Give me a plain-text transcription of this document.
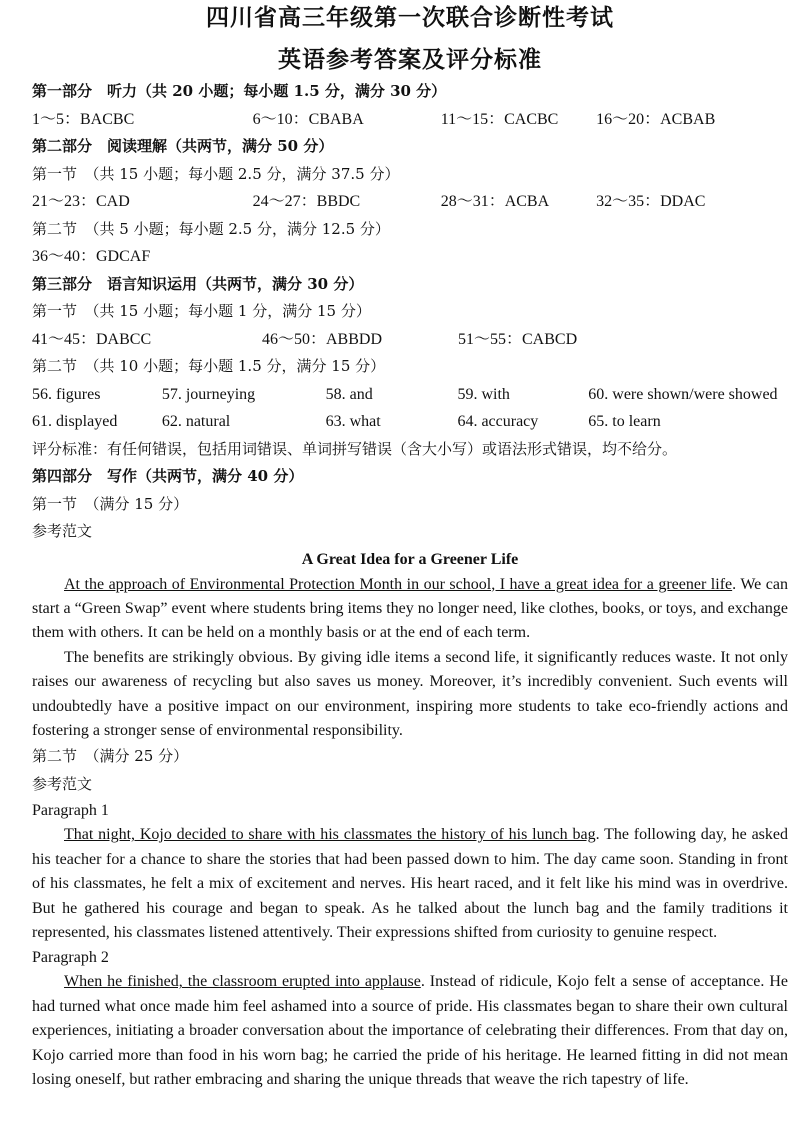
四川省高三年级第一次联合诊断性考试
英语参考答案及评分标准
第一部分　听力（共 20 小题；每小题 1.5 分，满分 30 分）
1～5：BACBC	6～10：CBABA	11～15：CACBC	16～20：ACBAB
第二部分　阅读理解（共两节，满分 50 分）
第一节　（共 15 小题；每小题 2.5 分，满分 37.5 分）
21～23：CAD	24～27：BBDC	28～31：ACBA	32～35：DDAC
第二节　（共 5 小题；每小题 2.5 分，满分 12.5 分）
36～40：GDCAF
第三部分　语言知识运用（共两节，满分 30 分）
第一节　（共 15 小题；每小题 1 分，满分 15 分）
41～45：DABCC	46～50：ABBDD	51～55：CABCD
第二节　（共 10 小题；每小题 1.5 分，满分 15 分）
56. figures	57. journeying	58. and	59. with	60. were shown/were showed
61. displayed	62. natural	63. what	64. accuracy	65. to learn
评分标准：有任何错误，包括用词错误、单词拼写错误（含大小写）或语法形式错误，均不给分。
第四部分　写作（共两节，满分 40 分）
第一节　（满分 15 分）
参考范文
A Great Idea for a Greener Life

At the approach of Environmental Protection Month in our school, I have a great idea for a greener life. We can start a “Green Swap” event where students bring items they no longer need, like clothes, books, or toys, and exchange them with others. It can be held on a monthly basis or at the end of each term.

The benefits are strikingly obvious. By giving idle items a second life, it significantly reduces waste. It not only raises our awareness of recycling but also saves us money. Moreover, it’s incredibly convenient. Such events will undoubtedly have a positive impact on our environment, inspiring more students to take eco-friendly actions and fostering a stronger sense of environmental responsibility.

第二节　（满分 25 分）
参考范文
Paragraph 1

That night, Kojo decided to share with his classmates the history of his lunch bag. The following day, he asked his teacher for a chance to share the stories that had been passed down to him. The day came soon. Standing in front of his classmates, he felt a mix of excitement and nerves. His heart raced, and it felt like his mind was in overdrive. But he gathered his courage and began to speak. As he talked about the lunch bag and the family traditions it represented, his classmates listened attentively. Their expressions shifted from curiosity to genuine respect.

Paragraph 2

When he finished, the classroom erupted into applause. Instead of ridicule, Kojo felt a sense of acceptance. He had turned what once made him feel ashamed into a source of pride. His classmates began to share their own cultural experiences, initiating a broader conversation about the importance of celebrating their differences. From that day on, Kojo carried more than food in his worn bag; he carried the pride of his heritage. He learned fitting in did not mean losing oneself, but rather embracing and sharing the unique threads that weave the rich tapestry of life.
